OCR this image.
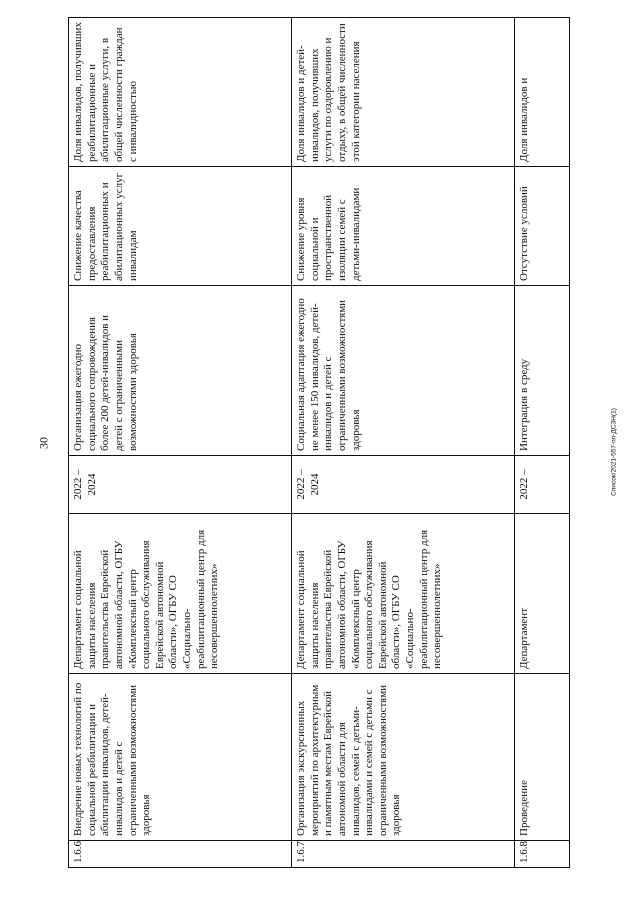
30	Список/2021-557-пп-ДСЗН(1)
1.6.6	Внедрение новых технологий по социальной реабилитации и абилитации инвалидов, детей-инвалидов и детей с ограниченными возможностями здоровья	Департамент социальной защиты населения правительства Еврейской автономной области, ОГБУ «Комплексный центр социального обслуживания Еврейской автономной области», ОГБУ СО «Социально-реабилитационный центр для несовершеннолетних»	2022 – 2024	Организация ежегодно социального сопровождения более 200 детей-инвалидов и детей с ограниченными возможностями здоровья	Снижение качества предоставления реабилитационных и абилитационных услуг инвалидам	Доля инвалидов, получивших реабилитационные и абилитационные услуги, в общей численности граждан с инвалидностью
1.6.7	Организация экскурсионных мероприятий по архитектурным и памятным местам Еврейской автономной области для инвалидов, семей с детьми-инвалидами и семей с детьми с ограниченными возможностями здоровья	Департамент социальной защиты населения правительства Еврейской автономной области, ОГБУ «Комплексный центр социального обслуживания Еврейской автономной области», ОГБУ СО «Социально-реабилитационный центр для несовершеннолетних»	2022 – 2024	Социальная адаптация ежегодно не менее 150 инвалидов, детей-инвалидов и детей с ограниченными возможностями здоровья	Снижение уровня социальной и пространственной изоляции семей с детьми-инвалидами	Доля инвалидов и детей-инвалидов, получивших услуги по оздоровлению и отдыху, в общей численности этой категории населения
1.6.8	Проведение	Департамент	2022 –	Интеграция в среду	Отсутствие условий	Доля инвалидов и
